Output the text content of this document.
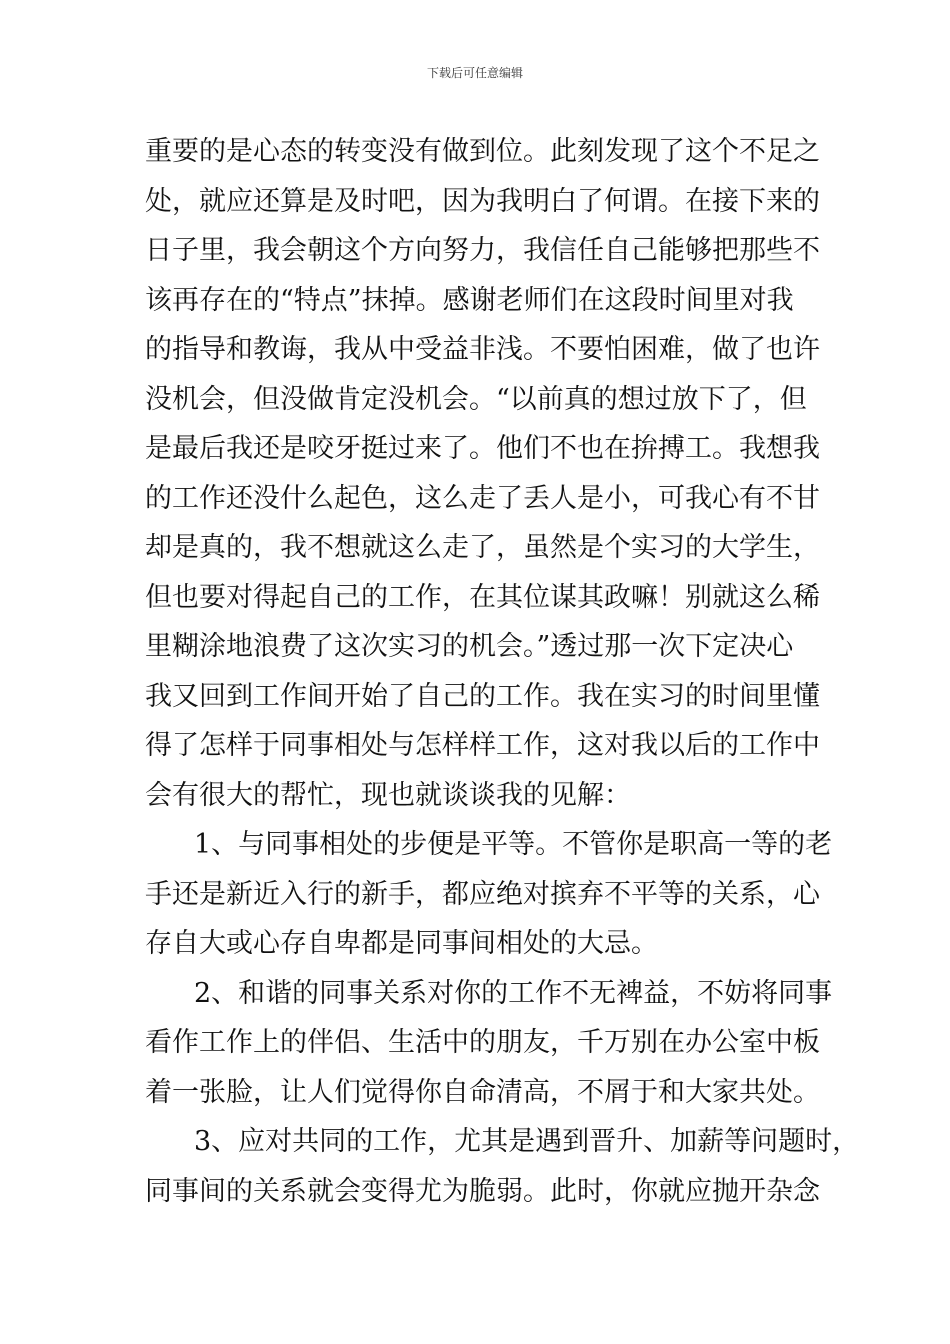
下载后可任意编辑
重要的是心态的转变没有做到位。此刻发现了这个不足之
处，就应还算是及时吧，因为我明白了何谓。在接下来的
日子里，我会朝这个方向努力，我信任自己能够把那些不
该再存在的“特点”抹掉。感谢老师们在这段时间里对我
的指导和教诲，我从中受益非浅。不要怕困难，做了也许
没机会，但没做肯定没机会。“以前真的想过放下了，但
是最后我还是咬牙挺过来了。他们不也在拚搏工。我想我
的工作还没什么起色，这么走了丢人是小，可我心有不甘
却是真的，我不想就这么走了，虽然是个实习的大学生，
但也要对得起自己的工作，在其位谋其政嘛！别就这么稀
里糊涂地浪费了这次实习的机会。”透过那一次下定决心
我又回到工作间开始了自己的工作。我在实习的时间里懂
得了怎样于同事相处与怎样样工作，这对我以后的工作中
会有很大的帮忙，现也就谈谈我的见解：
1、与同事相处的步便是平等。不管你是职高一等的老
手还是新近入行的新手，都应绝对摈弃不平等的关系，心
存自大或心存自卑都是同事间相处的大忌。
2、和谐的同事关系对你的工作不无裨益，不妨将同事
看作工作上的伴侣、生活中的朋友，千万别在办公室中板
着一张脸，让人们觉得你自命清高，不屑于和大家共处。
3、应对共同的工作，尤其是遇到晋升、加薪等问题时，
同事间的关系就会变得尤为脆弱。此时，你就应抛开杂念
